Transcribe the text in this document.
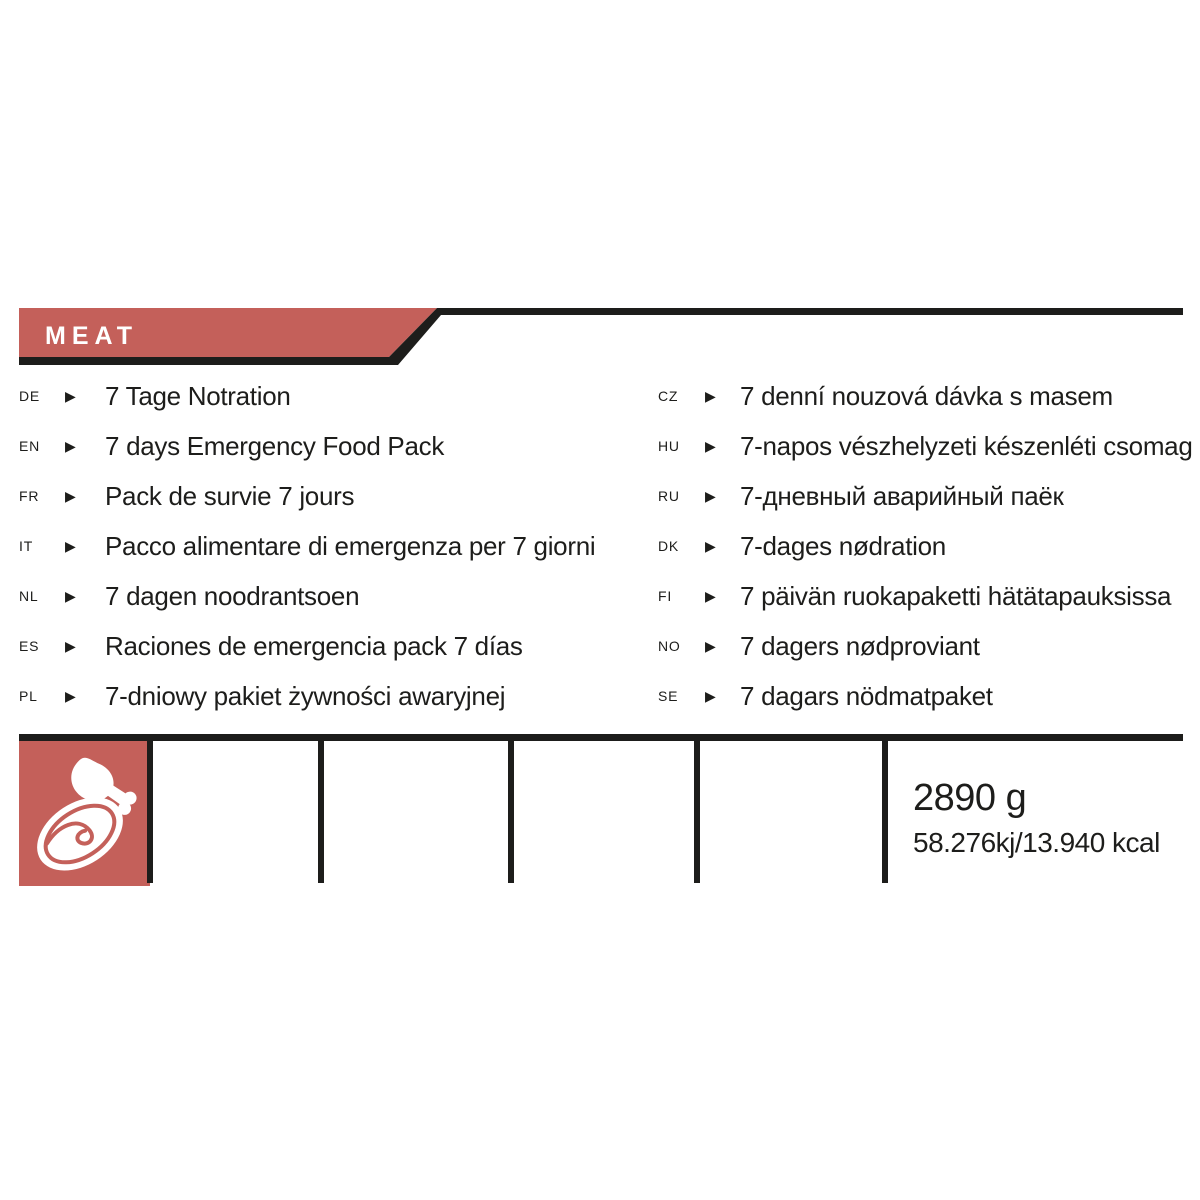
MEAT
DE	▶	7 Tage Notration
EN	▶	7 days Emergency Food Pack
FR	▶	Pack de survie 7 jours
IT	▶	Pacco alimentare di emergenza per 7 giorni
NL	▶	7 dagen noodrantsoen
ES	▶	Raciones de emergencia pack 7 días
PL	▶	7-dniowy pakiet żywności awaryjnej
CZ	▶ 7 denní nouzová dávka s masem
HU	▶ 7-napos vészhelyzeti készenléti csomag
RU	▶ 7-дневный аварийный паёк
DK	▶ 7-dages nødration
FI	▶ 7 päivän ruokapaketti hätätapauksissa
NO	▶ 7 dagers nødproviant
SE	▶ 7 dagars nödmatpaket
2890 g
58.276kj/13.940 kcal
